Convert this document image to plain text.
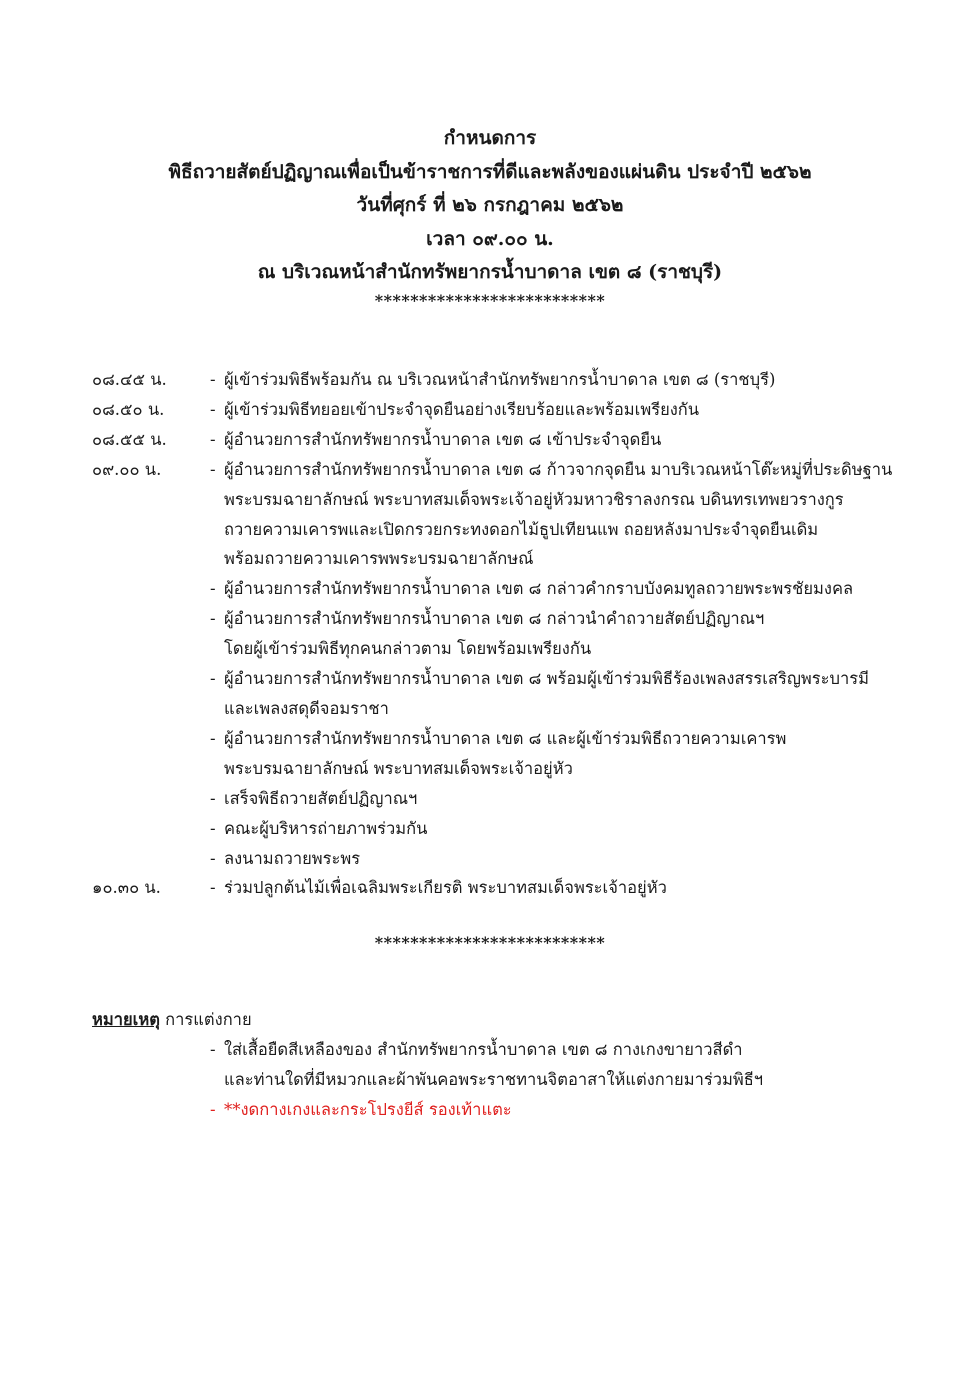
กำหนดการ
พิธีถวายสัตย์ปฏิญาณเพื่อเป็นข้าราชการที่ดีและพลังของแผ่นดิน ประจำปี ๒๕๖๒
วันที่ศุกร์ ที่ ๒๖ กรกฎาคม ๒๕๖๒
เวลา ๐๙.๐๐ น.
ณ บริเวณหน้าสำนักทรัพยากรน้ำบาดาล เขต ๘ (ราชบุรี)
**************************
๐๘.๔๕ น.	- ผู้เข้าร่วมพิธีพร้อมกัน ณ บริเวณหน้าสำนักทรัพยากรน้ำบาดาล เขต ๘ (ราชบุรี)
๐๘.๕๐ น.	- ผู้เข้าร่วมพิธีทยอยเข้าประจำจุดยืนอย่างเรียบร้อยและพร้อมเพรียงกัน
๐๘.๕๕ น.	- ผู้อำนวยการสำนักทรัพยากรน้ำบาดาล เขต ๘ เข้าประจำจุดยืน
๐๙.๐๐ น.	- ผู้อำนวยการสำนักทรัพยากรน้ำบาดาล เขต ๘ ก้าวจากจุดยืน มาบริเวณหน้าโต๊ะหมู่ที่ประดิษฐาน
พระบรมฉายาลักษณ์ พระบาทสมเด็จพระเจ้าอยู่หัวมหาวชิราลงกรณ บดินทรเทพยวรางกูร
ถวายความเคารพและเปิดกรวยกระทงดอกไม้ธูปเทียนแพ ถอยหลังมาประจำจุดยืนเดิม
พร้อมถวายความเคารพพระบรมฉายาลักษณ์
- ผู้อำนวยการสำนักทรัพยากรน้ำบาดาล เขต ๘ กล่าวคำกราบบังคมทูลถวายพระพรชัยมงคล
- ผู้อำนวยการสำนักทรัพยากรน้ำบาดาล เขต ๘ กล่าวนำคำถวายสัตย์ปฏิญาณฯ
โดยผู้เข้าร่วมพิธีทุกคนกล่าวตาม โดยพร้อมเพรียงกัน
- ผู้อำนวยการสำนักทรัพยากรน้ำบาดาล เขต ๘ พร้อมผู้เข้าร่วมพิธีร้องเพลงสรรเสริญพระบารมี
และเพลงสดุดีจอมราชา
- ผู้อำนวยการสำนักทรัพยากรน้ำบาดาล เขต ๘ และผู้เข้าร่วมพิธีถวายความเคารพ
พระบรมฉายาลักษณ์ พระบาทสมเด็จพระเจ้าอยู่หัว
- เสร็จพิธีถวายสัตย์ปฏิญาณฯ
- คณะผู้บริหารถ่ายภาพร่วมกัน
- ลงนามถวายพระพร
๑๐.๓๐ น.	- ร่วมปลูกต้นไม้เพื่อเฉลิมพระเกียรติ พระบาทสมเด็จพระเจ้าอยู่หัว
**************************
หมายเหตุ การแต่งกาย
- ใส่เสื้อยืดสีเหลืองของ สำนักทรัพยากรน้ำบาดาล เขต ๘ กางเกงขายาวสีดำ
และท่านใดที่มีหมวกและผ้าพันคอพระราชทานจิตอาสาให้แต่งกายมาร่วมพิธีฯ
- **งดกางเกงและกระโปรงยีส์ รองเท้าแตะ
